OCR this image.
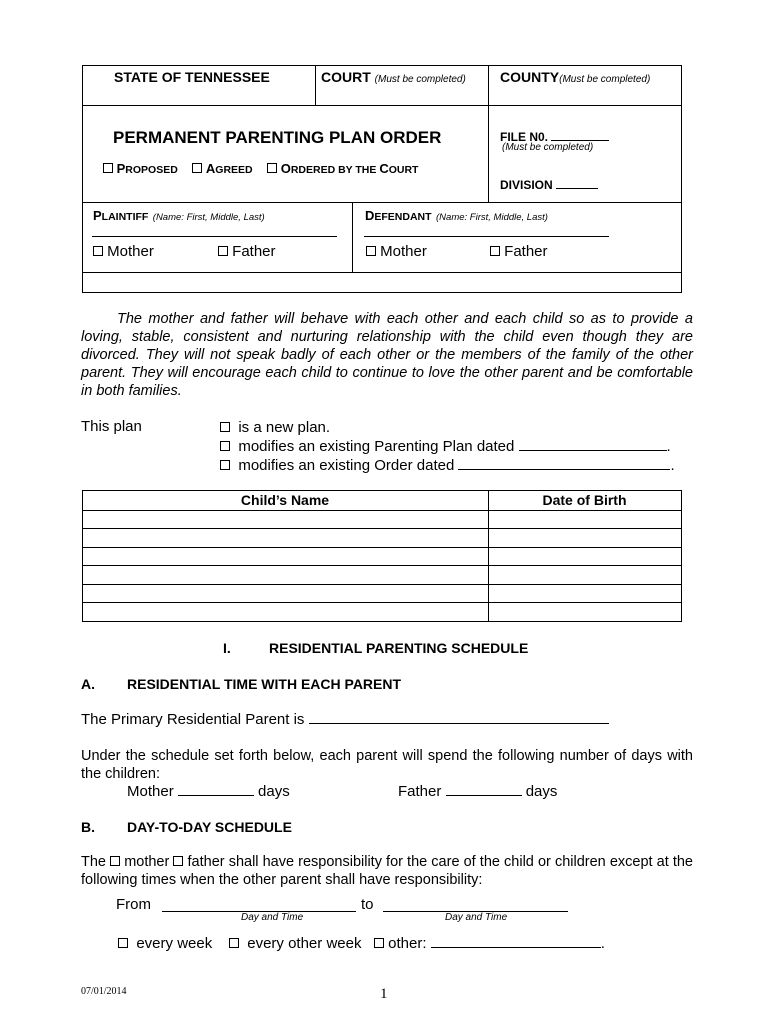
STATE OF TENNESSEE	COURT (Must be completed) COUNTY(Must be completed)
PERMANENT PARENTING PLAN ORDER
PROPOSED AGREED ORDERED BY THE COURT
FILE N0.
(Must be completed)
DIVISION
PLAINTIFF (Name: First, Middle, Last)
Mother	Father
DEFENDANT (Name: First, Middle, Last)
Mother	Father
The mother and father will behave with each other and each child so as to provide a loving, stable, consistent and nurturing relationship with the child even though they are divorced. They will not speak badly of each other or the members of the family of the other parent. They will encourage each child to continue to love the other parent and be comfortable in both families.
This plan	is a new plan.
modifies an existing Parenting Plan dated	.
modifies an existing Order dated	.
Child’s Name	Date of Birth
I.	RESIDENTIAL PARENTING SCHEDULE
A. RESIDENTIAL TIME WITH EACH PARENT
The Primary Residential Parent is
Under the schedule set forth below, each parent will spend the following number of days with the children:
Mother	days	Father	days
B. DAY-TO-DAY SCHEDULE
The mother father shall have responsibility for the care of the child or children except at the following times when the other parent shall have responsibility:
From	to
Day and Time	Day and Time
every week every other week other:	.
07/01/2014	1
